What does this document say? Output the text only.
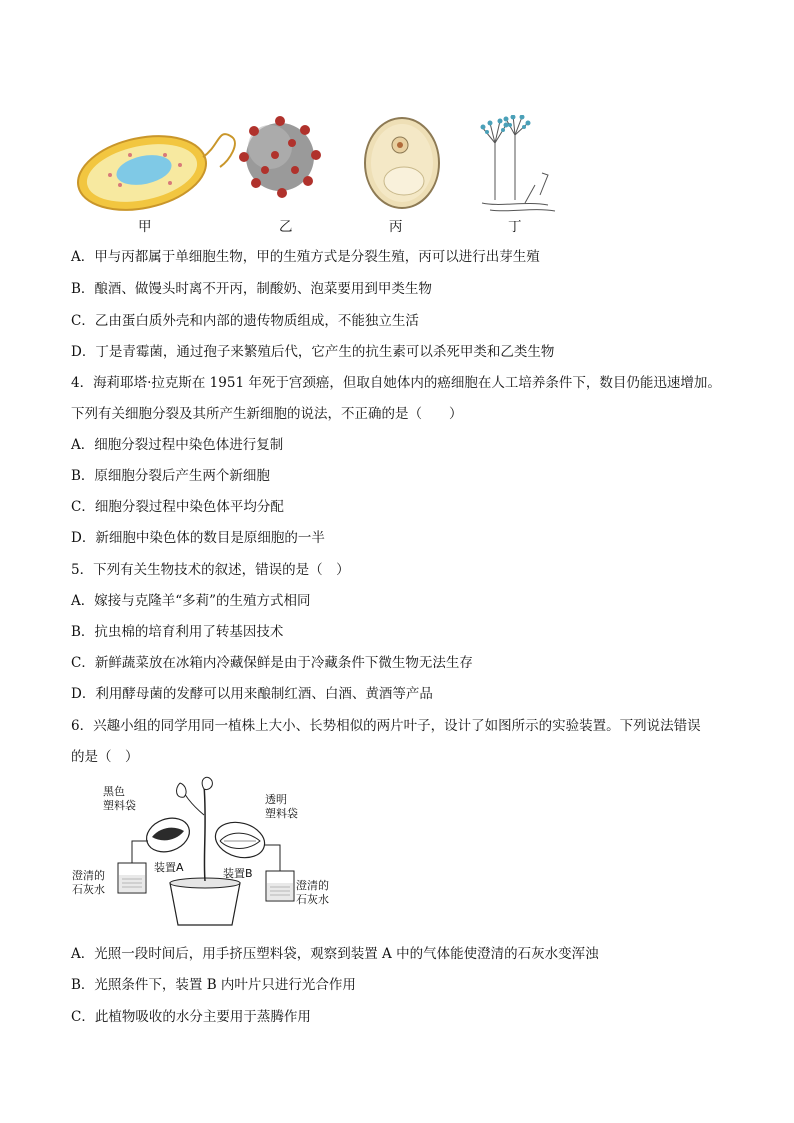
甲	乙	丙	丁
A．甲与丙都属于单细胞生物，甲的生殖方式是分裂生殖，丙可以进行出芽生殖
B．酿酒、做馒头时离不开丙，制酸奶、泡菜要用到甲类生物
C．乙由蛋白质外壳和内部的遗传物质组成，不能独立生活
D．丁是青霉菌，通过孢子来繁殖后代，它产生的抗生素可以杀死甲类和乙类生物
4．海莉耶塔·拉克斯在 1951 年死于宫颈癌，但取自她体内的癌细胞在人工培养条件下，数目仍能迅速增加。
下列有关细胞分裂及其所产生新细胞的说法，不正确的是（　　）
A．细胞分裂过程中染色体进行复制
B．原细胞分裂后产生两个新细胞
C．细胞分裂过程中染色体平均分配
D．新细胞中染色体的数目是原细胞的一半
5．下列有关生物技术的叙述，错误的是（　）
A．嫁接与克隆羊“多莉”的生殖方式相同
B．抗虫棉的培育利用了转基因技术
C．新鲜蔬菜放在冰箱内冷藏保鲜是由于冷藏条件下微生物无法生存
D．利用酵母菌的发酵可以用来酿制红酒、白酒、黄酒等产品
6．兴趣小组的同学用同一植株上大小、长势相似的两片叶子，设计了如图所示的实验装置。下列说法错误
的是（　）
黑色
塑料袋	透明
塑料袋
装置A	装置B
澄清的
石灰水	澄清的
石灰水
A．光照一段时间后，用手挤压塑料袋，观察到装置 A 中的气体能使澄清的石灰水变浑浊
B．光照条件下，装置 B 内叶片只进行光合作用
C．此植物吸收的水分主要用于蒸腾作用
